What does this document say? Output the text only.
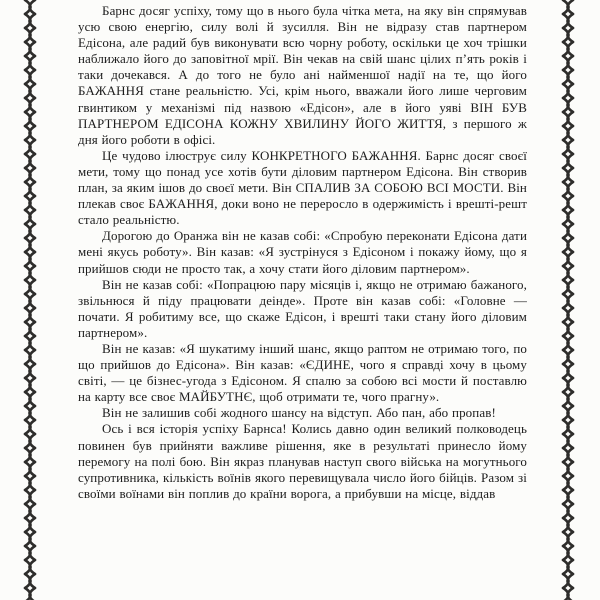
Барнс досяг успіху, тому що в нього була чітка мета, на яку він спрямував усю свою енергію, силу волі й зусилля. Він не відразу став партнером Едісона, але радий був виконувати всю чорну роботу, оскільки це хоч трішки наближало його до заповітної мрії. Він чекав на свій шанс цілих п’ять років і таки дочекався. А до того не було ані найменшої надії на те, що його БАЖАННЯ стане реальністю. Усі, крім нього, вважали його лише черговим гвинтиком у механізмі під назвою «Едісон», але в його уяві ВІН БУВ ПАРТНЕРОМ ЕДІСОНА КОЖНУ ХВИЛИНУ ЙОГО ЖИТТЯ, з першого ж дня його роботи в офісі.

Це чудово ілюструє силу КОНКРЕТНОГО БАЖАННЯ. Барнс досяг своєї мети, тому що понад усе хотів бути діловим партнером Едісона. Він створив план, за яким ішов до своєї мети. Він СПАЛИВ ЗА СОБОЮ ВСІ МОСТИ. Він плекав своє БАЖАННЯ, доки воно не переросло в одержимість і врешті-решт стало реальністю.

Дорогою до Оранжа він не казав собі: «Спробую переконати Едісона дати мені якусь роботу». Він казав: «Я зустрінуся з Едісоном і покажу йому, що я прийшов сюди не просто так, а хочу стати його діловим партнером».

Він не казав собі: «Попрацюю пару місяців і, якщо не отримаю бажаного, звільнюся й піду працювати деінде». Проте він казав собі: «Головне — почати. Я робитиму все, що скаже Едісон, і врешті таки стану його діловим партнером».

Він не казав: «Я шукатиму інший шанс, якщо раптом не отримаю того, по що прийшов до Едісона». Він казав: «ЄДИНЕ, чого я справді хочу в цьому світі, — це бізнес-угода з Едісоном. Я спалю за собою всі мости й поставлю на карту все своє МАЙБУТНЄ, щоб отримати те, чого прагну».

Він не залишив собі жодного шансу на відступ. Або пан, або пропав!

Ось і вся історія успіху Барнса! Колись давно один великий полководець повинен був прийняти важливе рішення, яке в результаті принесло йому перемогу на полі бою. Він якраз планував наступ свого війська на могутнього супротивника, кількість воїнів якого перевищувала число його бійців. Разом зі своїми воїнами він поплив до країни ворога, а прибувши на місце, віддав
